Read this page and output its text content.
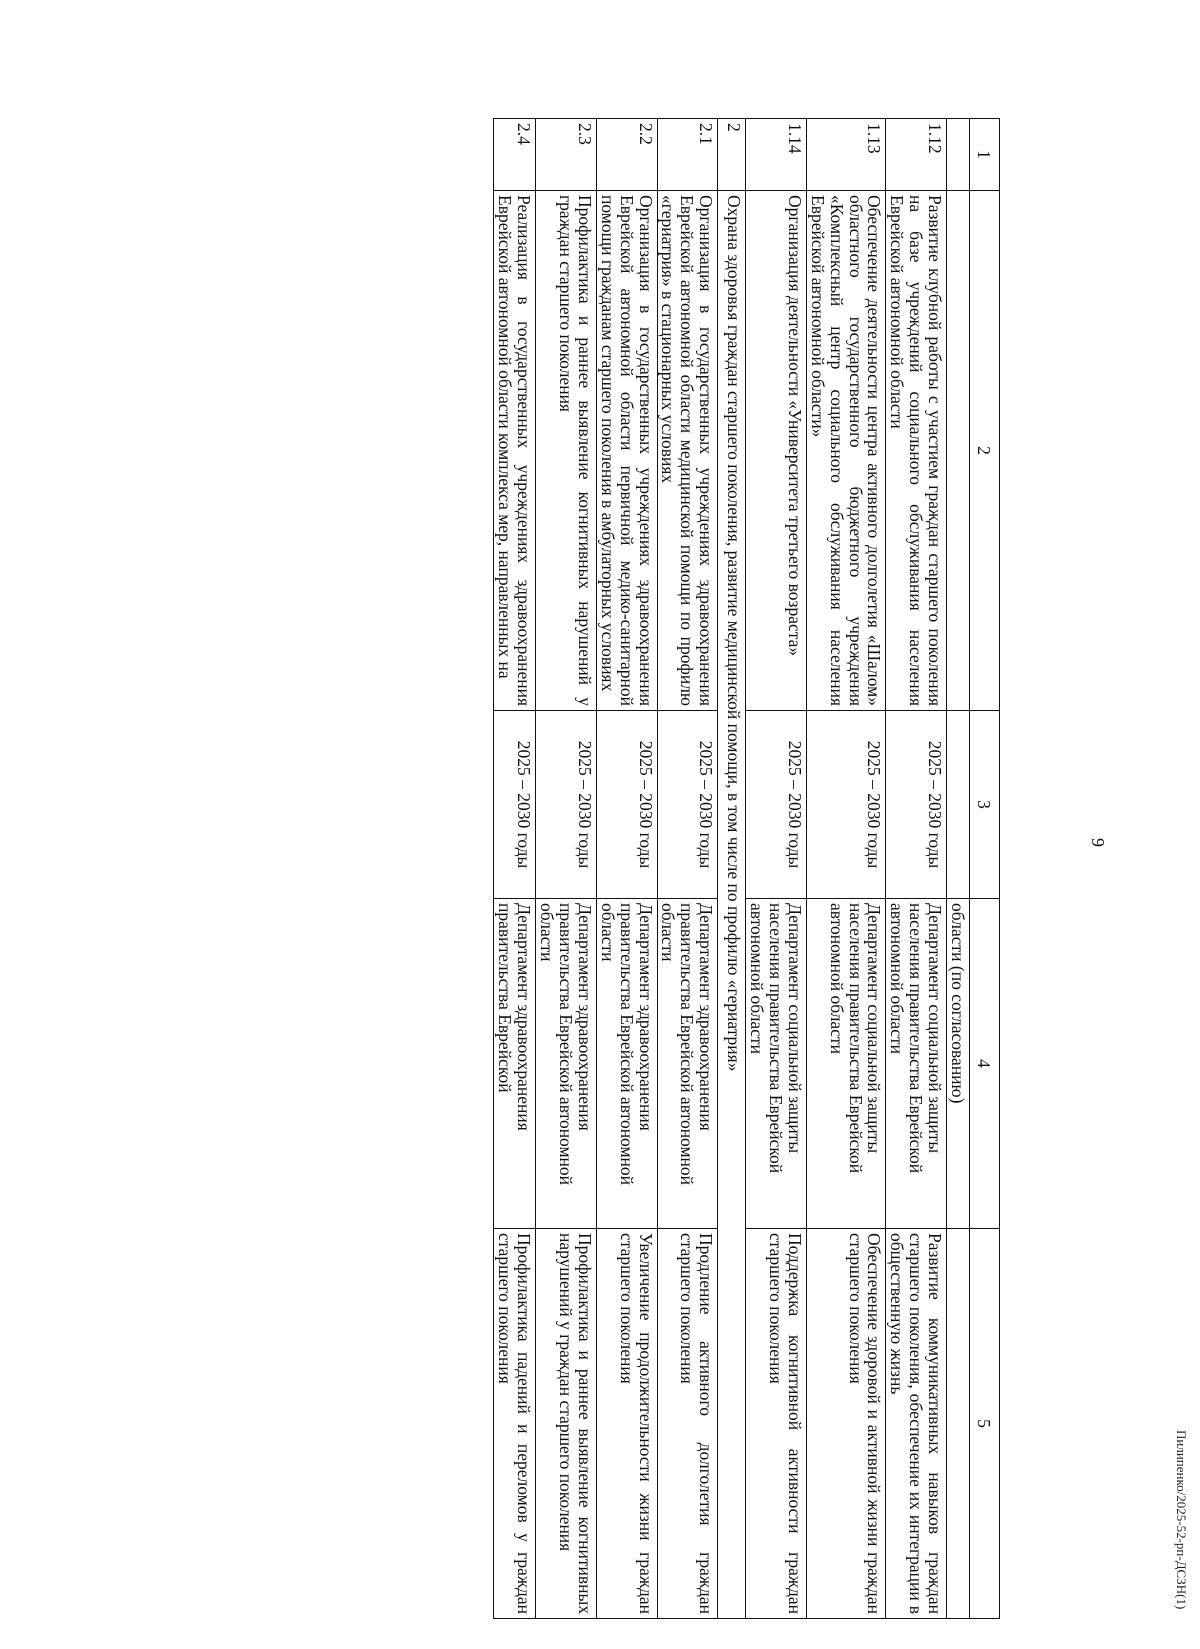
9
Пилипенко/2025-52-рп-ДСЗН(1)
1	2	3	4	5
			области (по согласованию)	
1.12	Развитие клубной работы с участием граждан старшего поколения на базе учреждений социального обслуживания населения Еврейской автономной области	2025 – 2030 годы	Департамент социальной защиты населения правительства Еврейской автономной области	Развитие коммуникативных навыков граждан старшего поколения, обеспечение их интеграции в общественную жизнь
1.13	Обеспечение деятельности центра активного долголетия «Шалом» областного государственного бюджетного учреждения «Комплексный центр социального обслуживания населения Еврейской автономной области»	2025 – 2030 годы	Департамент социальной защиты населения правительства Еврейской автономной области	Обеспечение здоровой и активной жизни граждан старшего поколения
1.14	Организация деятельности «Университета третьего возраста»	2025 – 2030 годы	Департамент социальной защиты населения правительства Еврейской автономной области	Поддержка когнитивной активности граждан старшего поколения
2	Охрана здоровья граждан старшего поколения, развитие медицинской помощи, в том числе по профилю «гериатрия»			
2.1	Организация в государственных учреждениях здравоохранения Еврейской автономной области медицинской помощи по профилю «гериатрия» в стационарных условиях	2025 – 2030 годы	Департамент здравоохранения правительства Еврейской автономной области	Продление активного долголетия граждан старшего поколения
2.2	Организация в государственных учреждениях здравоохранения Еврейской автономной области первичной медико-санитарной помощи гражданам старшего поколения в амбулаторных условиях	2025 – 2030 годы	Департамент здравоохранения правительства Еврейской автономной области	Увеличение продолжительности жизни граждан старшего поколения
2.3	Профилактика и раннее выявление когнитивных нарушений у граждан старшего поколения	2025 – 2030 годы	Департамент здравоохранения правительства Еврейской автономной области	Профилактика и раннее выявление когнитивных нарушений у граждан старшего поколения
2.4	Реализация в государственных учреждениях здравоохранения Еврейской автономной области комплекса мер, направленных на	2025 – 2030 годы	Департамент здравоохранения правительства Еврейской	Профилактика падений и переломов у граждан старшего поколения
